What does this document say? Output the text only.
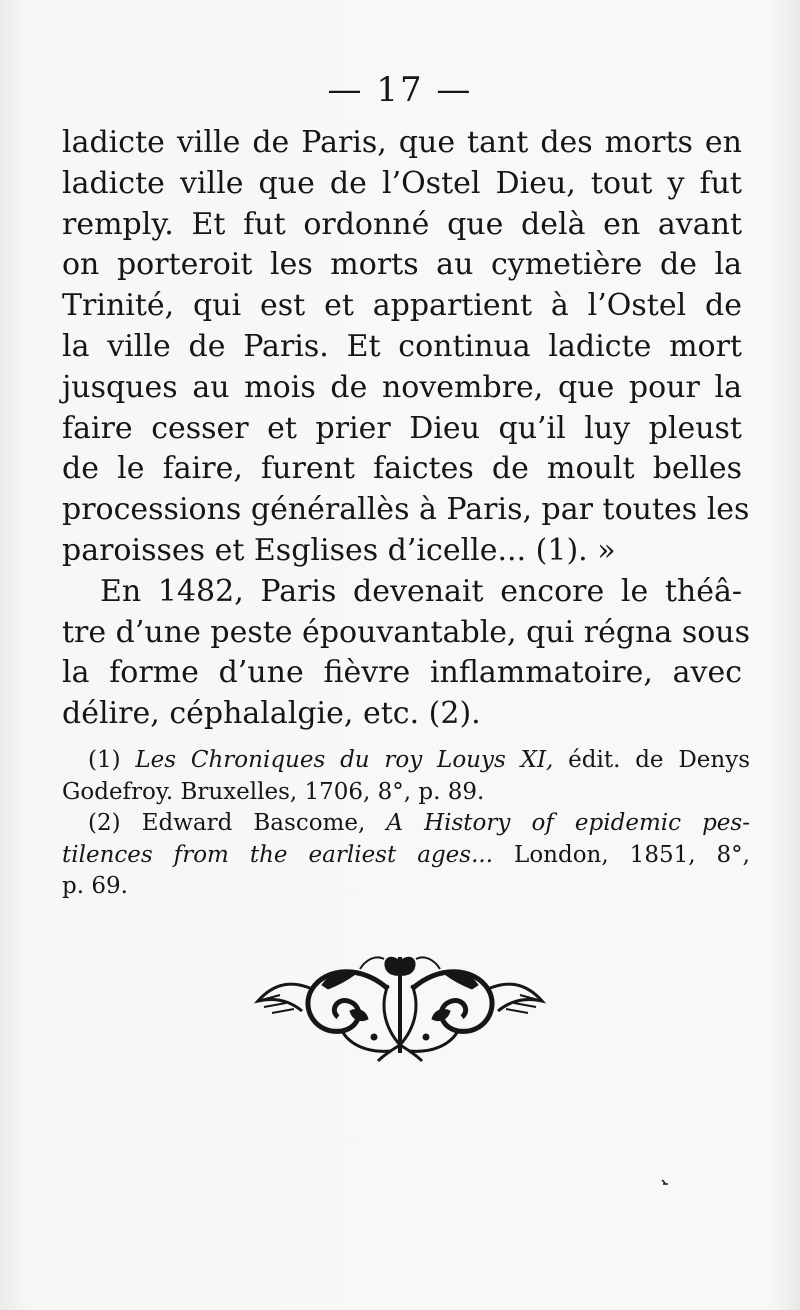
— 17 —
ladicte ville de Paris, que tant des morts en
ladicte ville que de l’Ostel Dieu, tout y fut
remply. Et fut ordonné que delà en avant
on porteroit les morts au cymetière de la
Trinité, qui est et appartient à l’Ostel de
la ville de Paris. Et continua ladicte mort
jusques au mois de novembre, que pour la
faire cesser et prier Dieu qu’il luy pleust
de le faire, furent faictes de moult belles
processions générallès à Paris, par toutes les
paroisses et Esglises d’icelle... (1). »
En 1482, Paris devenait encore le théâ-
tre d’une peste épouvantable, qui régna sous
la forme d’une fièvre inflammatoire, avec
délire, céphalalgie, etc. (2).
(1) Les Chroniques du roy Louys XI, édit. de Denys
Godefroy. Bruxelles, 1706, 8°, p. 89.
(2) Edward Bascome, A History of epidemic pes-
tilences from the earliest ages... London, 1851, 8°,
p. 69.
